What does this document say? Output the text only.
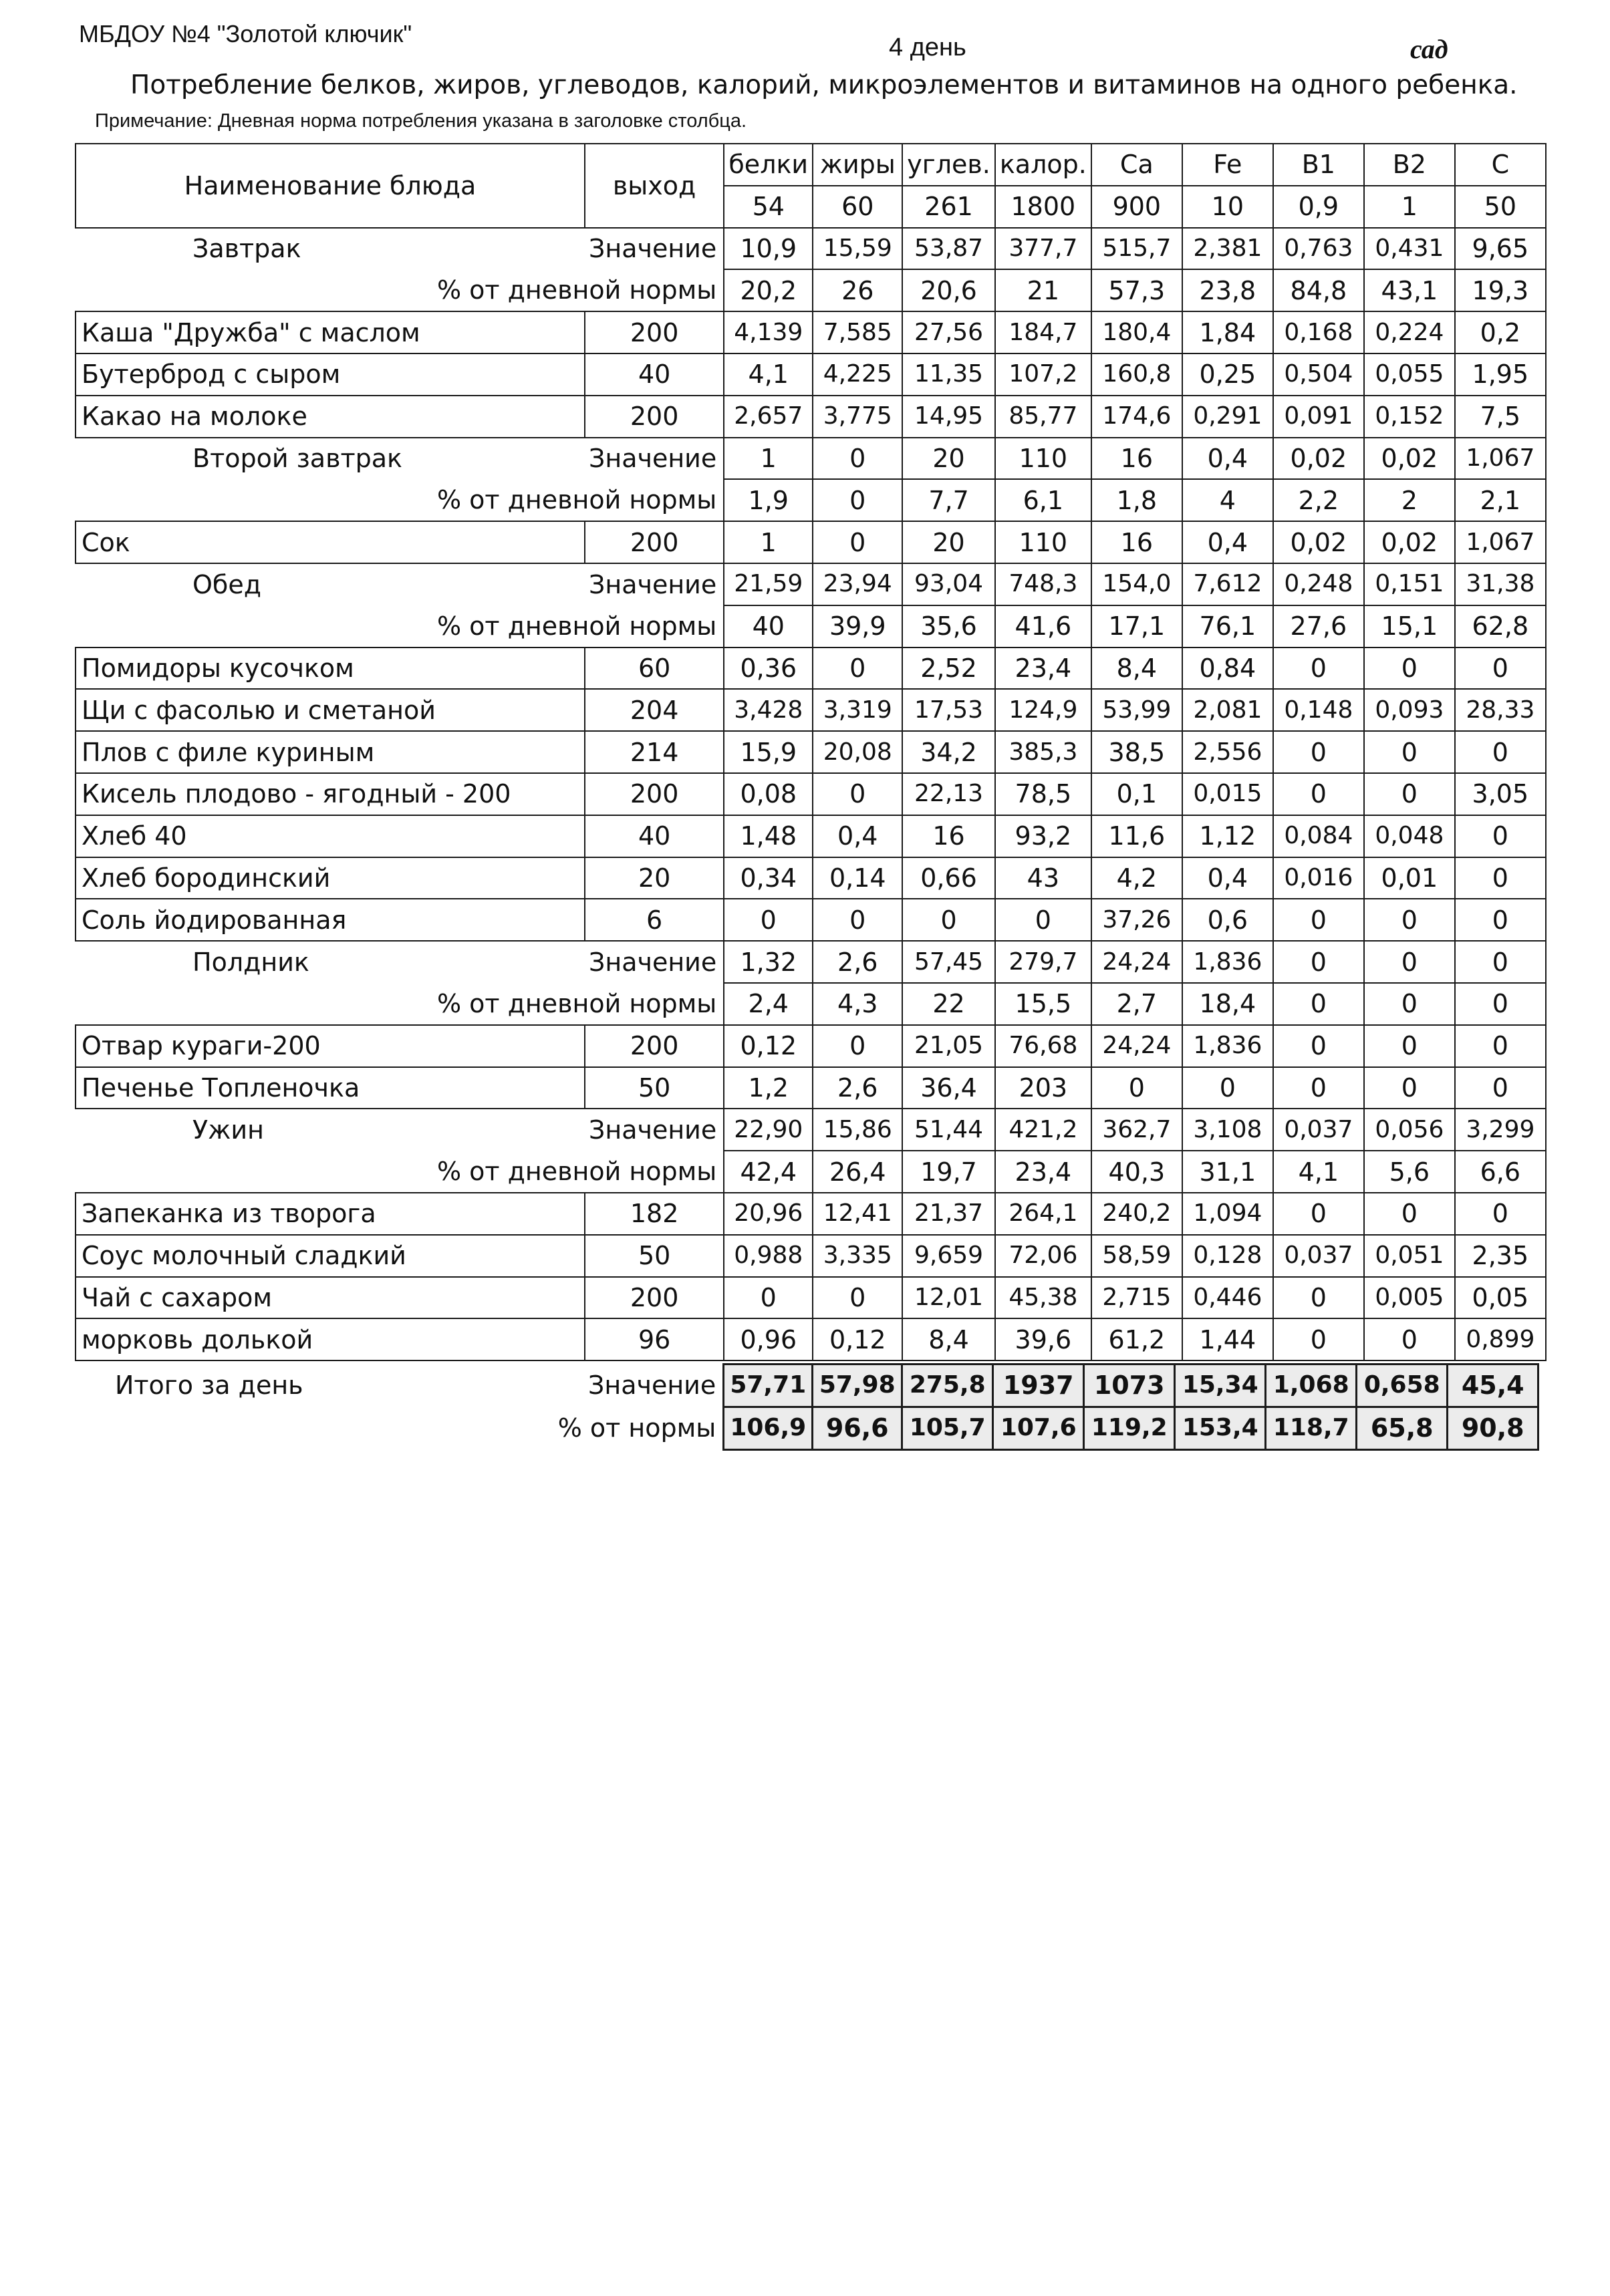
МБДОУ №4 "Золотой ключик"	4 день	сад
Потребление белков, жиров, углеводов, калорий, микроэлементов и витаминов на одного ребенка.
Примечание: Дневная норма потребления указана в заголовке столбца.
Наименование блюда	выход	белки	жиры	углев.	калор.	Ca	Fe	B1	B2	C
		54	60	261	1800	900	10	0,9	1	50
Завтрак	Значение	10,9	15,59	53,87	377,7	515,7	2,381	0,763	0,431	9,65
% от дневной нормы		20,2	26	20,6	21	57,3	23,8	84,8	43,1	19,3
Каша "Дружба" с маслом	200	4,139	7,585	27,56	184,7	180,4	1,84	0,168	0,224	0,2
Бутерброд с сыром	40	4,1	4,225	11,35	107,2	160,8	0,25	0,504	0,055	1,95
Какао на молоке	200	2,657	3,775	14,95	85,77	174,6	0,291	0,091	0,152	7,5
Второй завтрак	Значение	1	0	20	110	16	0,4	0,02	0,02	1,067
% от дневной нормы		1,9	0	7,7	6,1	1,8	4	2,2	2	2,1
Сок	200	1	0	20	110	16	0,4	0,02	0,02	1,067
Обед	Значение	21,59	23,94	93,04	748,3	154,0	7,612	0,248	0,151	31,38
% от дневной нормы		40	39,9	35,6	41,6	17,1	76,1	27,6	15,1	62,8
Помидоры кусочком	60	0,36	0	2,52	23,4	8,4	0,84	0	0	0
Щи с фасолью и сметаной	204	3,428	3,319	17,53	124,9	53,99	2,081	0,148	0,093	28,33
Плов с филе куриным	214	15,9	20,08	34,2	385,3	38,5	2,556	0	0	0
Кисель плодово - ягодный - 200	200	0,08	0	22,13	78,5	0,1	0,015	0	0	3,05
Хлеб 40	40	1,48	0,4	16	93,2	11,6	1,12	0,084	0,048	0
Хлеб бородинский	20	0,34	0,14	0,66	43	4,2	0,4	0,016	0,01	0
Соль йодированная	6	0	0	0	0	37,26	0,6	0	0	0
Полдник	Значение	1,32	2,6	57,45	279,7	24,24	1,836	0	0	0
% от дневной нормы		2,4	4,3	22	15,5	2,7	18,4	0	0	0
Отвар кураги-200	200	0,12	0	21,05	76,68	24,24	1,836	0	0	0
Печенье Топленочка	50	1,2	2,6	36,4	203	0	0	0	0	0
Ужин	Значение	22,90	15,86	51,44	421,2	362,7	3,108	0,037	0,056	3,299
% от дневной нормы		42,4	26,4	19,7	23,4	40,3	31,1	4,1	5,6	6,6
Запеканка из творога	182	20,96	12,41	21,37	264,1	240,2	1,094	0	0	0
Соус молочный сладкий	50	0,988	3,335	9,659	72,06	58,59	0,128	0,037	0,051	2,35
Чай с сахаром	200	0	0	12,01	45,38	2,715	0,446	0	0,005	0,05
морковь долькой	96	0,96	0,12	8,4	39,6	61,2	1,44	0	0	0,899
Итого за день	Значение	57,71	57,98	275,8	1937	1073	15,34	1,068	0,658	45,4
% от нормы		106,9	96,6	105,7	107,6	119,2	153,4	118,7	65,8	90,8
